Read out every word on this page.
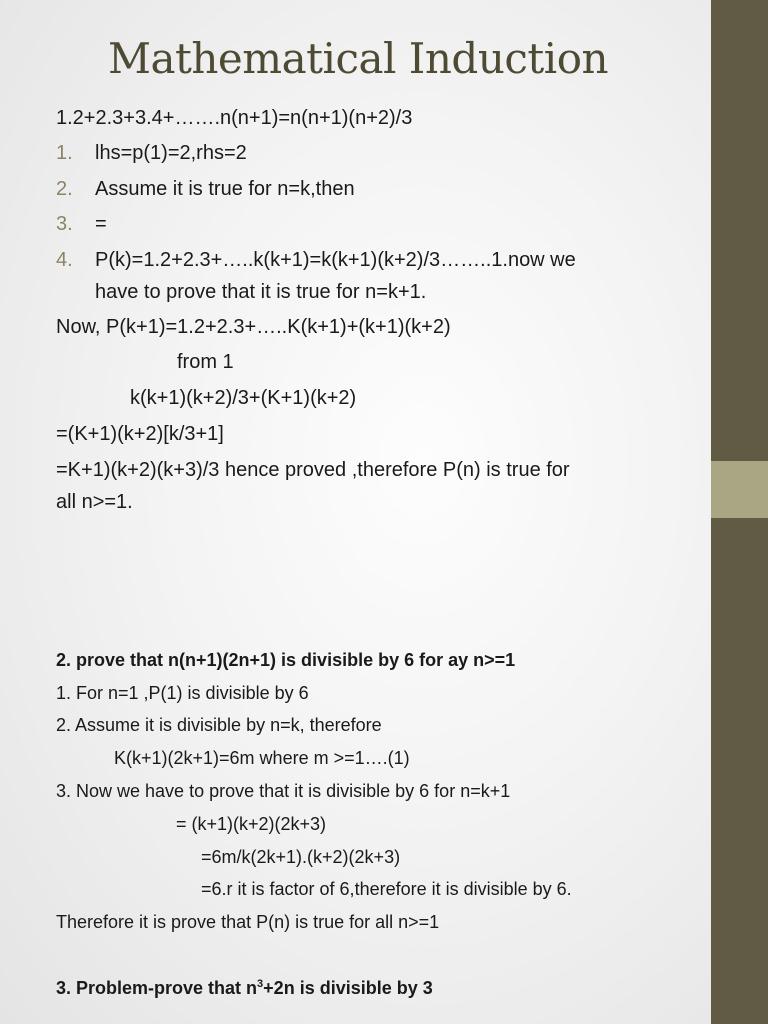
Mathematical Induction
1.2+2.3+3.4+…….n(n+1)=n(n+1)(n+2)/3
1. lhs=p(1)=2,rhs=2
2. Assume it is true for n=k,then
3. =
4. P(k)=1.2+2.3+…..k(k+1)=k(k+1)(k+2)/3……..1.now we
have to prove that it is true for n=k+1.
Now, P(k+1)=1.2+2.3+…..K(k+1)+(k+1)(k+2)
from 1
k(k+1)(k+2)/3+(K+1)(k+2)
=(K+1)(k+2)[k/3+1]
=K+1)(k+2)(k+3)/3 hence proved ,therefore P(n) is true for
all n>=1.
2. prove that n(n+1)(2n+1) is divisible by 6 for ay n>=1
1. For n=1 ,P(1) is divisible by 6
2. Assume it is divisible by n=k, therefore
K(k+1)(2k+1)=6m where m >=1….(1)
3. Now we have to prove that it is divisible by 6 for n=k+1
= (k+1)(k+2)(2k+3)
=6m/k(2k+1).(k+2)(2k+3)
=6.r it is factor of 6,therefore it is divisible by 6.
Therefore it is prove that P(n) is true for all n>=1
3. Problem-prove that $n^3+2n$ is divisible by 3
